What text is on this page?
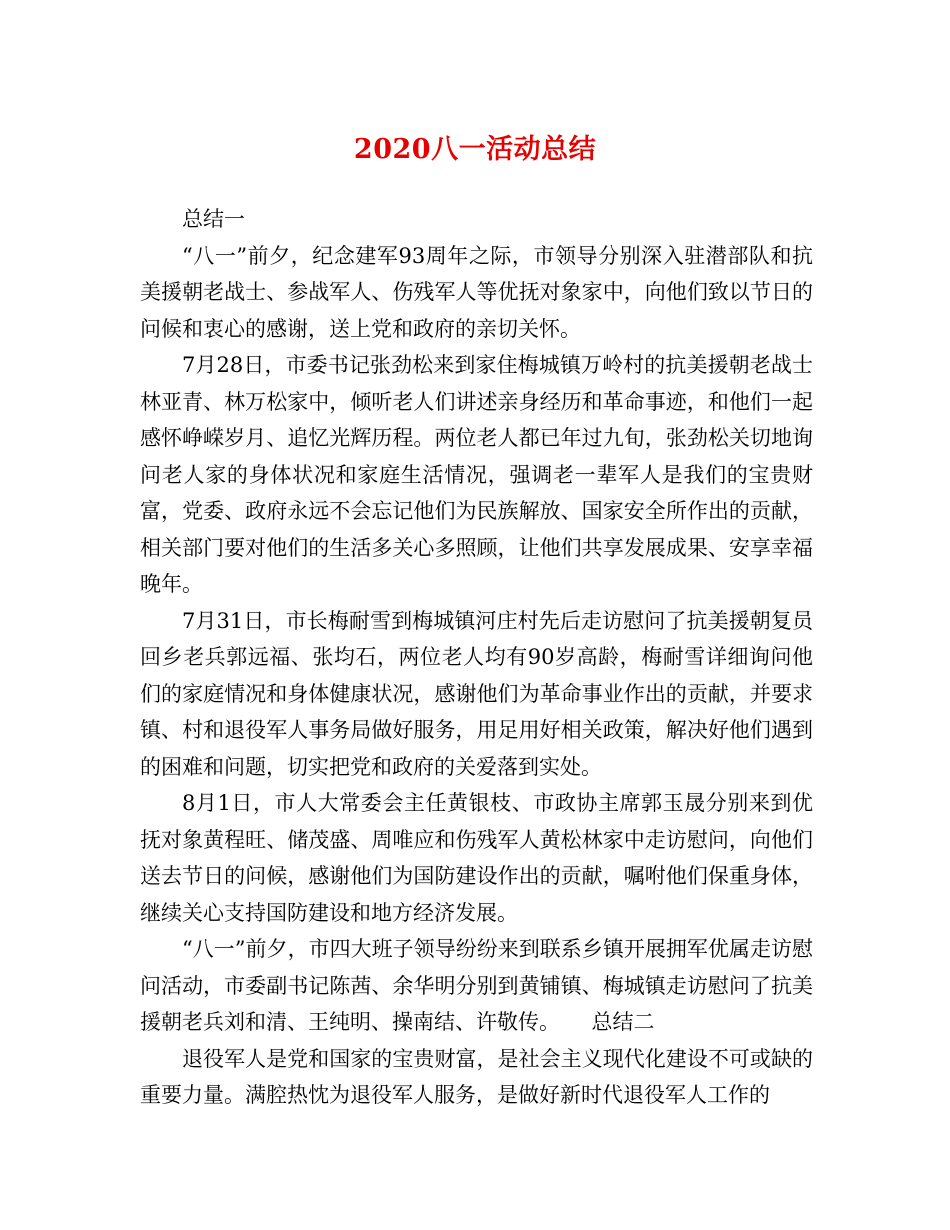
2020八一活动总结

总结一

“八一”前夕，纪念建军93周年之际，市领导分别深入驻潜部队和抗美援朝老战士、参战军人、伤残军人等优抚对象家中，向他们致以节日的问候和衷心的感谢，送上党和政府的亲切关怀。

7月28日，市委书记张劲松来到家住梅城镇万岭村的抗美援朝老战士林亚青、林万松家中，倾听老人们讲述亲身经历和革命事迹，和他们一起感怀峥嵘岁月、追忆光辉历程。两位老人都已年过九旬，张劲松关切地询问老人家的身体状况和家庭生活情况，强调老一辈军人是我们的宝贵财富，党委、政府永远不会忘记他们为民族解放、国家安全所作出的贡献，相关部门要对他们的生活多关心多照顾，让他们共享发展成果、安享幸福晚年。

7月31日，市长梅耐雪到梅城镇河庄村先后走访慰问了抗美援朝复员回乡老兵郭远福、张均石，两位老人均有90岁高龄，梅耐雪详细询问他们的家庭情况和身体健康状况，感谢他们为革命事业作出的贡献，并要求镇、村和退役军人事务局做好服务，用足用好相关政策，解决好他们遇到的困难和问题，切实把党和政府的关爱落到实处。

8月1日，市人大常委会主任黄银枝、市政协主席郭玉晟分别来到优抚对象黄程旺、储茂盛、周唯应和伤残军人黄松林家中走访慰问，向他们送去节日的问候，感谢他们为国防建设作出的贡献，嘱咐他们保重身体，继续关心支持国防建设和地方经济发展。

“八一”前夕，市四大班子领导纷纷来到联系乡镇开展拥军优属走访慰问活动，市委副书记陈茜、余华明分别到黄铺镇、梅城镇走访慰问了抗美援朝老兵刘和清、王纯明、操南结、许敬传。　　总结二

退役军人是党和国家的宝贵财富，是社会主义现代化建设不可或缺的重要力量。满腔热忱为退役军人服务，是做好新时代退役军人工作的
